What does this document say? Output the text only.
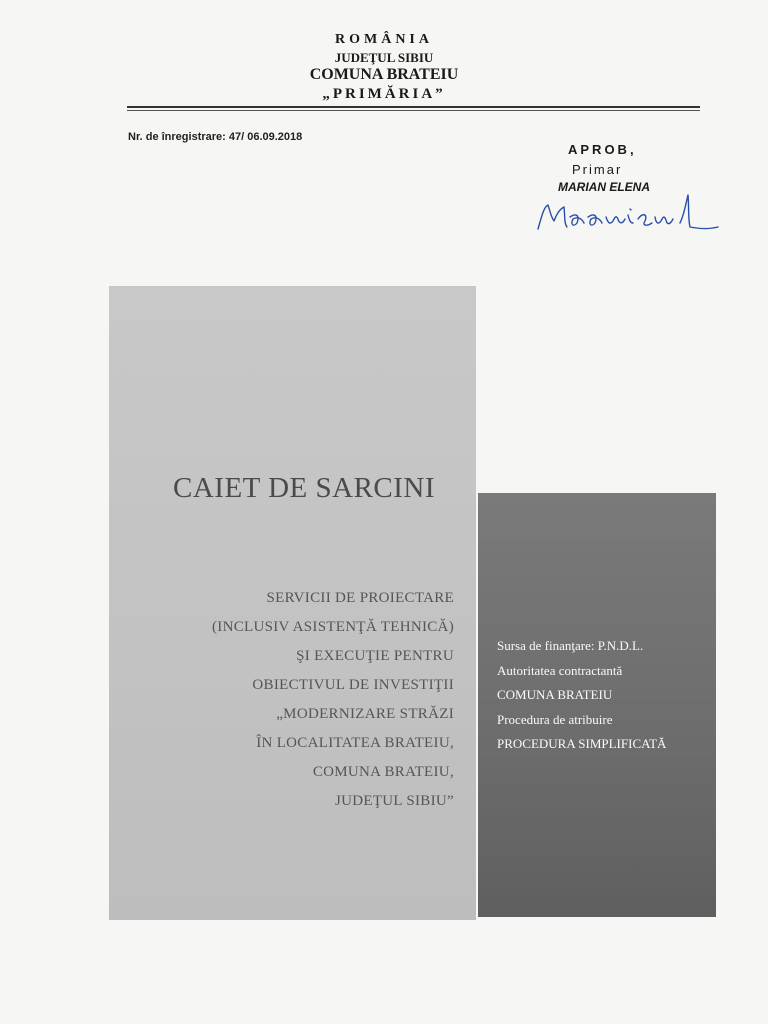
ROMÂNIA
JUDEŢUL SIBIU
COMUNA BRATEIU
„PRIMĂRIA”
Nr. de înregistrare: 47/ 06.09.2018
APROB,
Primar
MARIAN ELENA
CAIET DE SARCINI
SERVICII DE PROIECTARE
(INCLUSIV ASISTENŢĂ TEHNICĂ)
ŞI EXECUŢIE PENTRU
OBIECTIVUL DE INVESTIŢII
„MODERNIZARE STRĂZI
ÎN LOCALITATEA BRATEIU,
COMUNA BRATEIU,
JUDEŢUL SIBIU”
Sursa de finanţare: P.N.D.L.
Autoritatea contractantă
COMUNA BRATEIU
Procedura de atribuire
PROCEDURA SIMPLIFICATĂ
